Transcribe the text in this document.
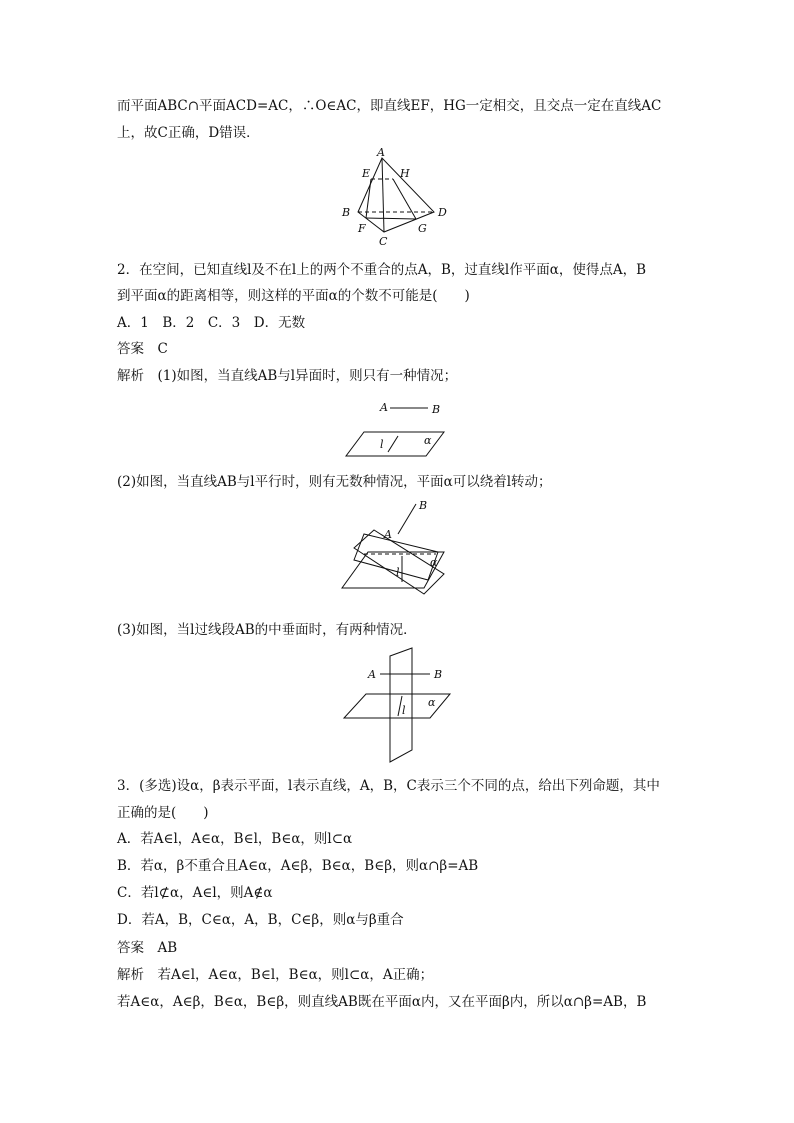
而平面ABC∩平面ACD=AC，∴O∈AC，即直线EF，HG一定相交，且交点一定在直线AC

上，故C正确，D错误．

A
E	H
B	D
F	G
C

2．在空间，已知直线l及不在l上的两个不重合的点A，B，过直线l作平面α，使得点A，B

到平面α的距离相等，则这样的平面α的个数不可能是(　　)

A．1　B．2　C．3　D．无数

答案　C

解析　(1)如图，当直线AB与l异面时，则只有一种情况；

A	B
l	α

(2)如图，当直线AB与l平行时，则有无数种情况，平面α可以绕着l转动；

A
B
l
α

(3)如图，当l过线段AB的中垂面时，有两种情况．

A	B
l
α

3．(多选)设α，β表示平面，l表示直线，A，B，C表示三个不同的点，给出下列命题，其中

正确的是(　　)

A．若A∈l，A∈α，B∈l，B∈α，则l⊂α

B．若α，β不重合且A∈α，A∈β，B∈α，B∈β，则α∩β=AB

C．若l⊄α，A∈l，则A∉α

D．若A，B，C∈α，A，B，C∈β，则α与β重合

答案　AB

解析　若A∈l，A∈α，B∈l，B∈α，则l⊂α，A正确；

若A∈α，A∈β，B∈α，B∈β，则直线AB既在平面α内，又在平面β内，所以α∩β=AB，B
